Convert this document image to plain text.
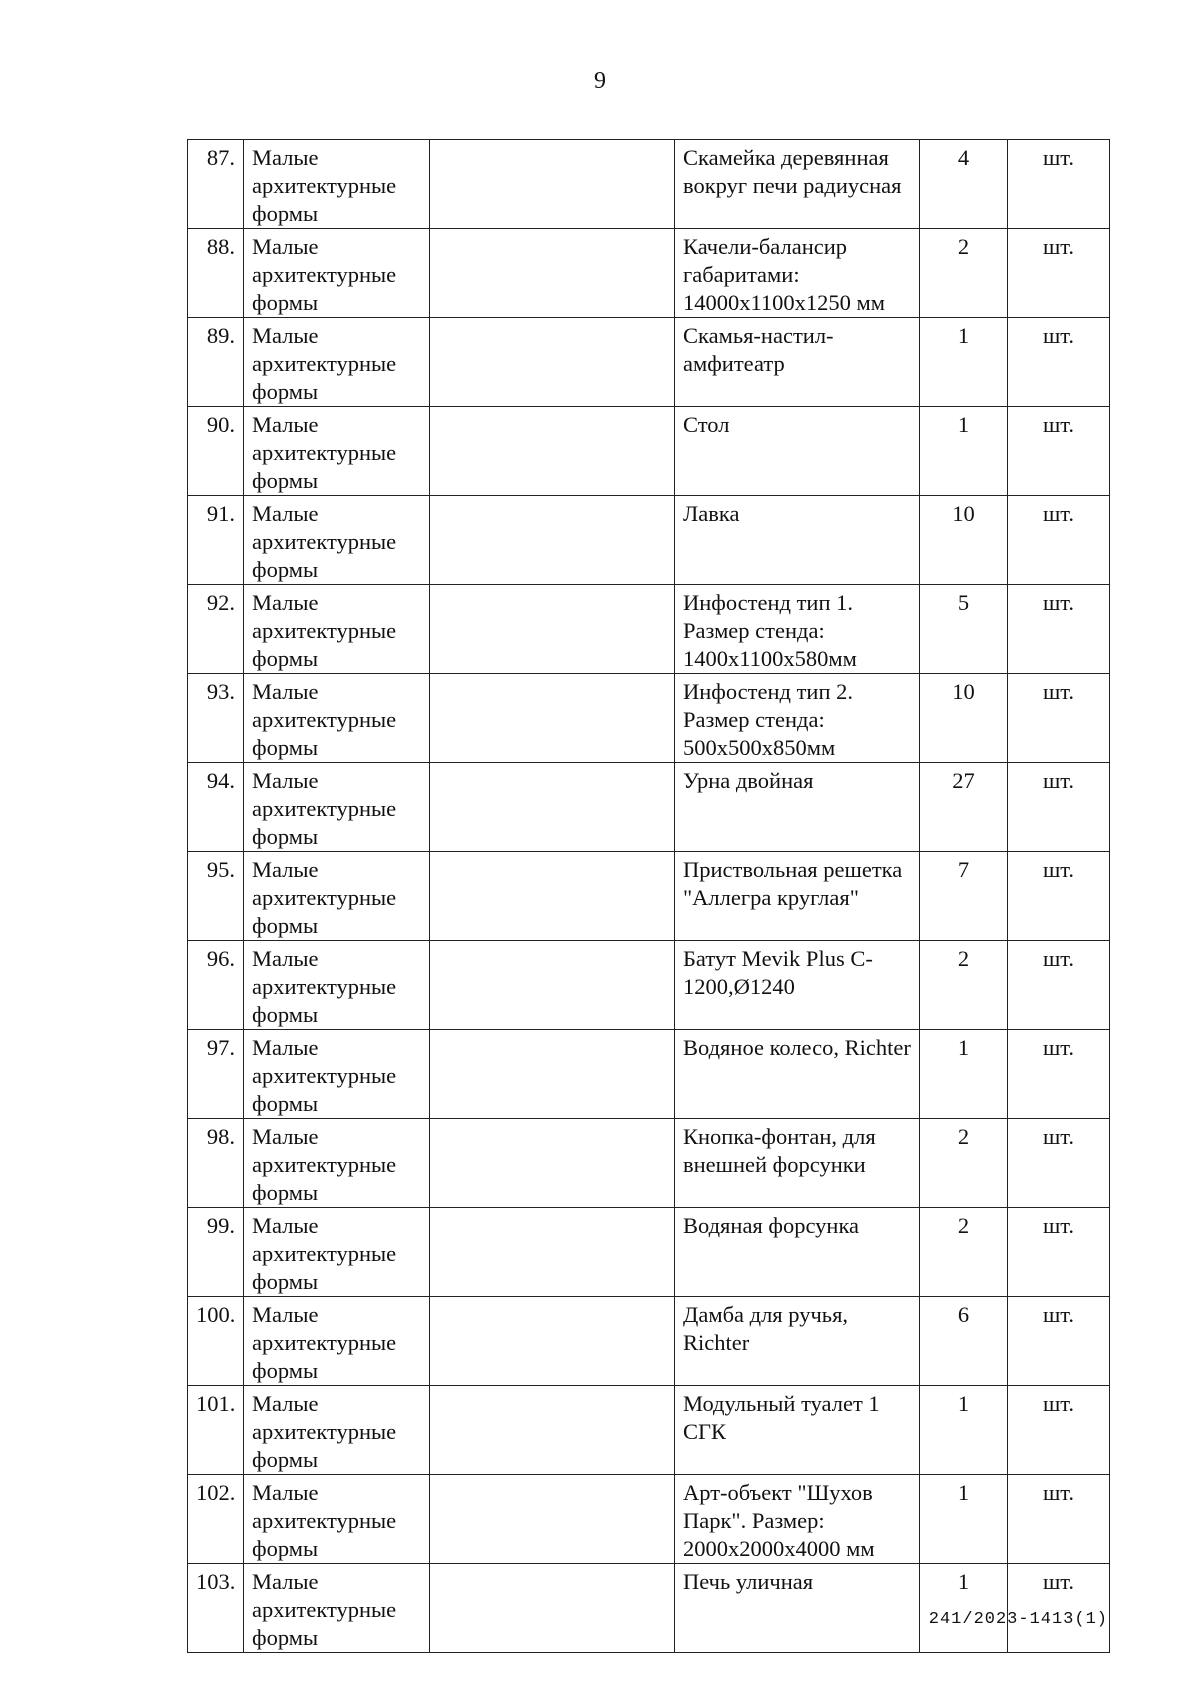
9
87.	Малые архитектурные формы		Скамейка деревянная вокруг печи радиусная	4	шт.
88.	Малые архитектурные формы		Качели-балансир габаритами: 14000х1100х1250 мм	2	шт.
89.	Малые архитектурные формы		Скамья-настил-амфитеатр	1	шт.
90.	Малые архитектурные формы		Стол	1	шт.
91.	Малые архитектурные формы		Лавка	10	шт.
92.	Малые архитектурные формы		Инфостенд тип 1. Размер стенда: 1400х1100х580мм	5	шт.
93.	Малые архитектурные формы		Инфостенд тип 2. Размер стенда: 500х500х850мм	10	шт.
94.	Малые архитектурные формы		Урна двойная	27	шт.
95.	Малые архитектурные формы		Приствольная решетка "Аллегра круглая"	7	шт.
96.	Малые архитектурные формы		Батут Mevik Plus C-1200,Ø1240	2	шт.
97.	Малые архитектурные формы		Водяное колесо, Richter	1	шт.
98.	Малые архитектурные формы		Кнопка-фонтан, для внешней форсунки	2	шт.
99.	Малые архитектурные формы		Водяная форсунка	2	шт.
100.	Малые архитектурные формы		Дамба для ручья, Richter	6	шт.
101.	Малые архитектурные формы		Модульный туалет 1 СГК	1	шт.
102.	Малые архитектурные формы		Арт-объект "Шухов Парк". Размер: 2000х2000х4000 мм	1	шт.
103.	Малые архитектурные формы		Печь уличная	1	шт.
241/2023-1413(1)
